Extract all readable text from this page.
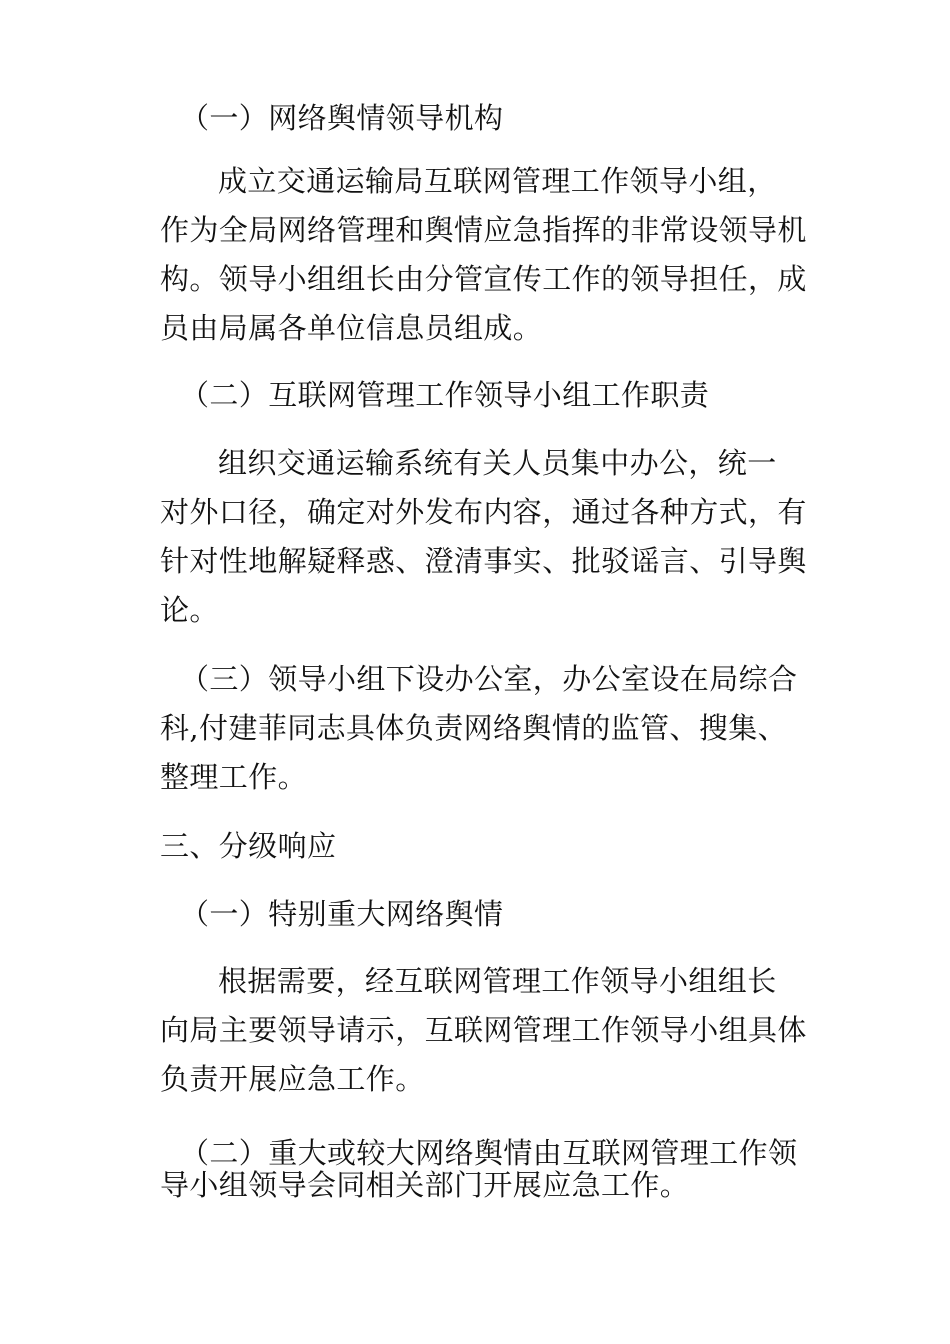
（一）网络舆情领导机构
成立交通运输局互联网管理工作领导小组，
作为全局网络管理和舆情应急指挥的非常设领导机
构。领导小组组长由分管宣传工作的领导担任，成
员由局属各单位信息员组成。
（二）互联网管理工作领导小组工作职责
组织交通运输系统有关人员集中办公，统一
对外口径，确定对外发布内容，通过各种方式，有
针对性地解疑释惑、澄清事实、批驳谣言、引导舆
论。
（三）领导小组下设办公室，办公室设在局综合
科,付建菲同志具体负责网络舆情的监管、搜集、
整理工作。
三、分级响应
（一）特别重大网络舆情
根据需要，经互联网管理工作领导小组组长
向局主要领导请示，互联网管理工作领导小组具体
负责开展应急工作。
（二）重大或较大网络舆情由互联网管理工作领
导小组领导会同相关部门开展应急工作。
